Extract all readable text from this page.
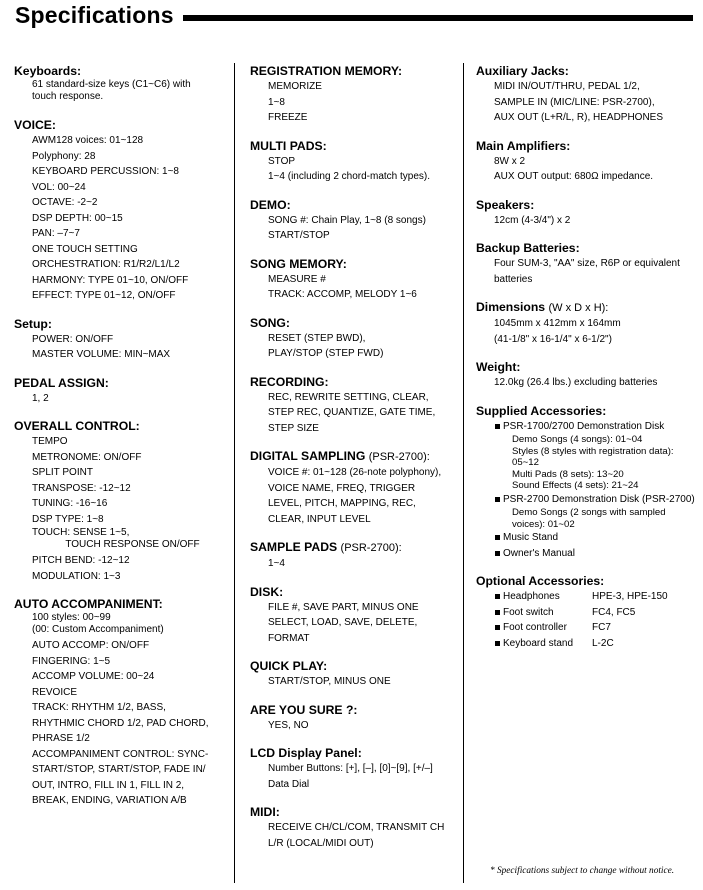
Specifications
Keyboards:
61 standard-size keys (C1~C6) with
touch response.
VOICE:
AWM128 voices: 01~128
Polyphony: 28
KEYBOARD PERCUSSION: 1~8
VOL: 00~24
OCTAVE: -2~2
DSP DEPTH: 00~15
PAN: –7~7
ONE TOUCH SETTING
ORCHESTRATION: R1/R2/L1/L2
HARMONY: TYPE 01~10, ON/OFF
EFFECT: TYPE 01~12, ON/OFF
Setup:
POWER: ON/OFF
MASTER VOLUME: MIN~MAX
PEDAL ASSIGN:
1, 2
OVERALL CONTROL:
TEMPO
METRONOME: ON/OFF
SPLIT POINT
TRANSPOSE: -12~12
TUNING: -16~16
DSP TYPE: 1~8
TOUCH: SENSE 1~5,
TOUCH RESPONSE ON/OFF
PITCH BEND: -12~12
MODULATION: 1~3
AUTO ACCOMPANIMENT:
100 styles: 00~99
(00: Custom Accompaniment)
AUTO ACCOMP: ON/OFF
FINGERING: 1~5
ACCOMP VOLUME: 00~24
REVOICE
TRACK: RHYTHM 1/2, BASS,
RHYTHMIC CHORD 1/2, PAD CHORD,
PHRASE 1/2
ACCOMPANIMENT CONTROL: SYNC-
START/STOP, START/STOP, FADE IN/
OUT, INTRO, FILL IN 1, FILL IN 2,
BREAK, ENDING, VARIATION A/B
REGISTRATION MEMORY:
MEMORIZE
1~8
FREEZE
MULTI PADS:
STOP
1~4 (including 2 chord-match types).
DEMO:
SONG #: Chain Play, 1~8 (8 songs)
START/STOP
SONG MEMORY:
MEASURE #
TRACK: ACCOMP, MELODY 1~6
SONG:
RESET (STEP BWD),
PLAY/STOP (STEP FWD)
RECORDING:
REC, REWRITE SETTING, CLEAR,
STEP REC, QUANTIZE, GATE TIME,
STEP SIZE
DIGITAL SAMPLING (PSR-2700):
VOICE #: 01~128 (26-note polyphony),
VOICE NAME, FREQ, TRIGGER
LEVEL, PITCH, MAPPING, REC,
CLEAR, INPUT LEVEL
SAMPLE PADS (PSR-2700):
1~4
DISK:
FILE #, SAVE PART, MINUS ONE
SELECT, LOAD, SAVE, DELETE,
FORMAT
QUICK PLAY:
START/STOP, MINUS ONE
ARE YOU SURE ?:
YES, NO
LCD Display Panel:
Number Buttons: [+], [–], [0]~[9], [+/–]
Data Dial
MIDI:
RECEIVE CH/CL/COM, TRANSMIT CH
L/R (LOCAL/MIDI OUT)
Auxiliary Jacks:
MIDI IN/OUT/THRU, PEDAL 1/2,
SAMPLE IN (MIC/LINE: PSR-2700),
AUX OUT (L+R/L, R), HEADPHONES
Main Amplifiers:
8W x 2
AUX OUT output: 680Ω impedance.
Speakers:
12cm (4-3/4") x 2
Backup Batteries:
Four SUM-3, "AA" size, R6P or equivalent
batteries
Dimensions (W x D x H):
1045mm x 412mm x 164mm
(41-1/8" x 16-1/4" x 6-1/2")
Weight:
12.0kg (26.4 lbs.) excluding batteries
Supplied Accessories:
PSR-1700/2700 Demonstration Disk
Demo Songs (4 songs): 01~04
Styles (8 styles with registration data):
05~12
Multi Pads (8 sets): 13~20
Sound Effects (4 sets): 21~24
PSR-2700 Demonstration Disk (PSR-2700)
Demo Songs (2 songs with sampled
voices): 01~02
Music Stand
Owner's Manual
Optional Accessories:
Headphones	HPE-3, HPE-150
Foot switch	FC4, FC5
Foot controller	FC7
Keyboard stand L-2C
* Specifications subject to change without notice.
